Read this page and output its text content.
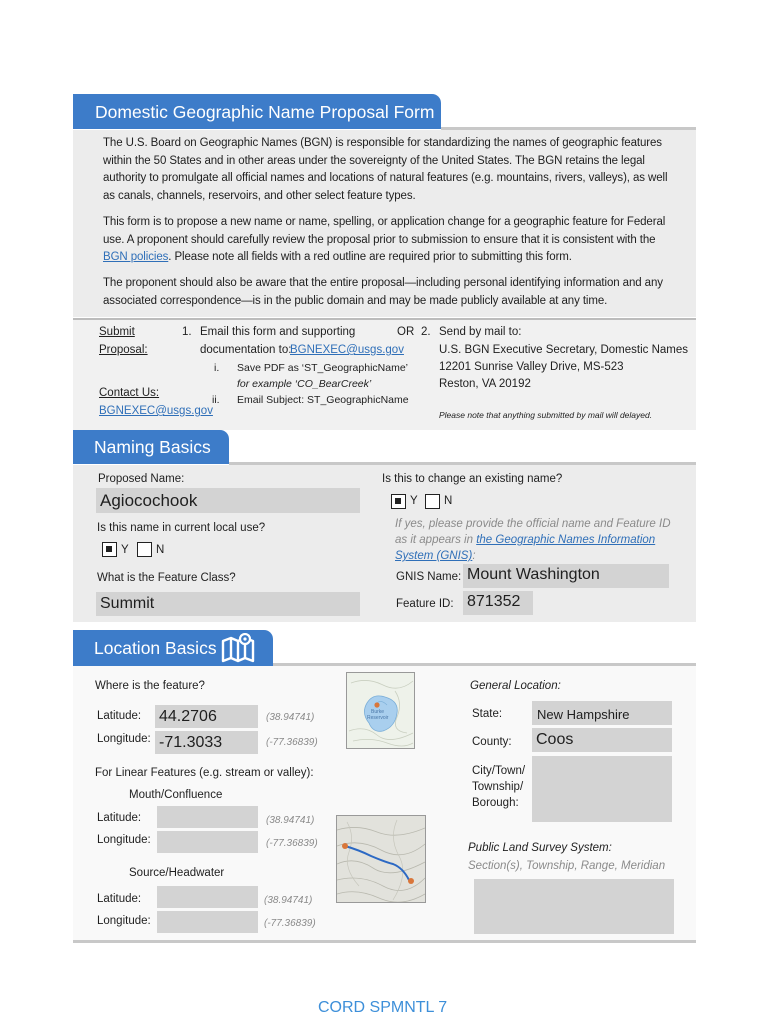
Domestic Geographic Name Proposal Form

The U.S. Board on Geographic Names (BGN) is responsible for standardizing the names of geographic features within the 50 States and in other areas under the sovereignty of the United States. The BGN retains the legal authority to promulgate all official names and locations of natural features (e.g. mountains, rivers, valleys), as well as canals, channels, reservoirs, and other select feature types.

This form is to propose a new name or name, spelling, or application change for a geographic feature for Federal use. A proponent should carefully review the proposal prior to submission to ensure that it is consistent with the BGN policies. Please note all fields with a red outline are required prior to submitting this form.

The proponent should also be aware that the entire proposal—including personal identifying information and any associated correspondence—is in the public domain and may be made publicly available at any time.

Submit
Proposal:
1. Email this form and supporting
documentation to:
BGNEXEC@usgs.gov
i. Save PDF as ‘ST_GeographicName’
for example ‘CO_BearCreek’
ii. Email Subject: ST_GeographicName
OR 2. Send by mail to:
U.S. BGN Executive Secretary, Domestic Names
12201 Sunrise Valley Drive, MS-523
Reston, VA 20192
Please note that anything submitted by mail will delayed.
Contact Us:
BGNEXEC@usgs.gov
Naming Basics
Proposed Name:
Agiocochook
Is this to change an existing name?
Y N
Is this name in current local use?
Y N
If yes, please provide the official name and Feature ID
as it appears in the Geographic Names Information
System (GNIS):
What is the Feature Class?
Summit
GNIS Name: Mount Washington
Feature ID: 871352
Location Basics
Where is the feature?
Latitude: 44.2706	(38.94741)
Longitude: -71.3033	(-77.36839)
For Linear Features (e.g. stream or valley):
Mouth/Confluence
Latitude:	(38.94741)
Longitude:	(-77.36839)
Source/Headwater
Latitude:	(38.94741)
Longitude:	(-77.36839)
Burke
Reservoir
General Location:
State:	New Hampshire
County: Coos
City/Town/
Township/
Borough:
Public Land Survey System:
Section(s), Township, Range, Meridian
CORD SPMNTL 7
